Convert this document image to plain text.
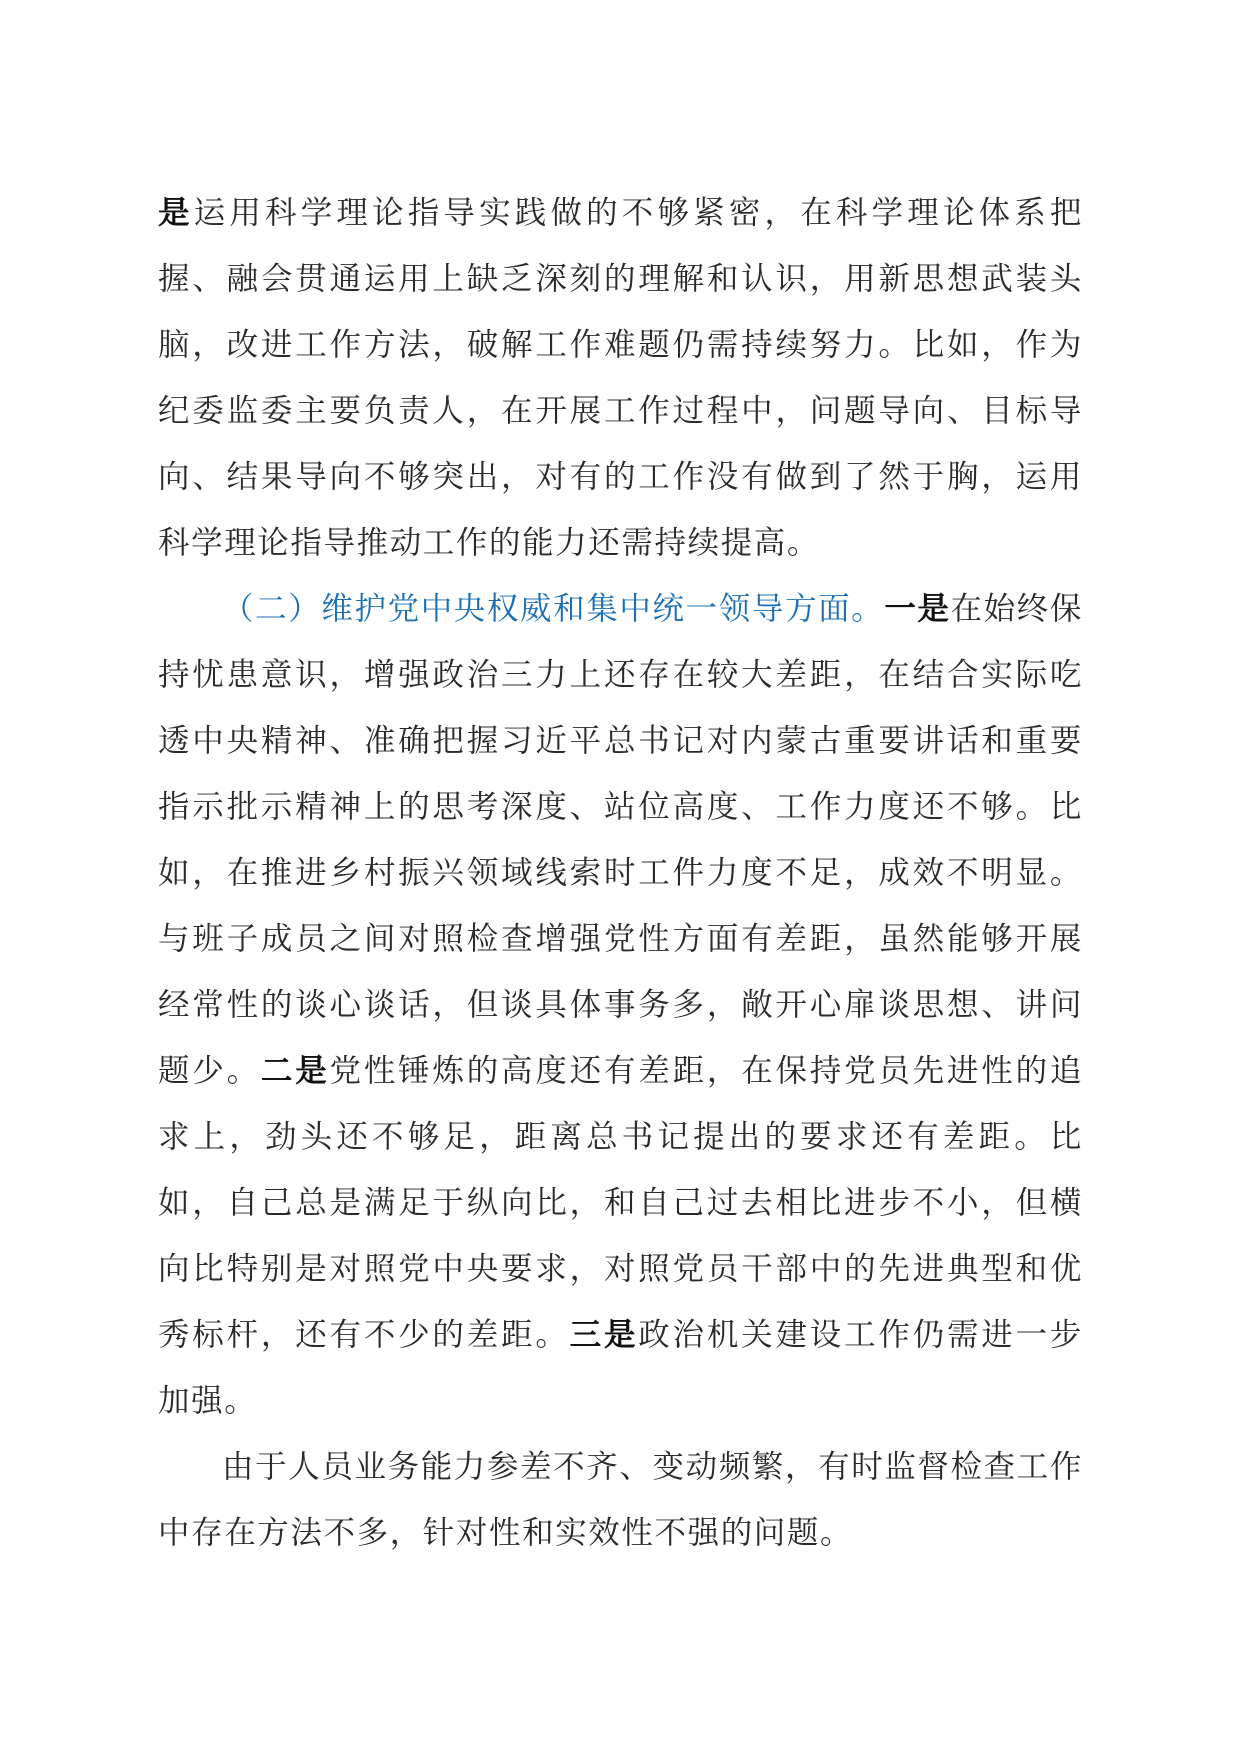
是运用科学理论指导实践做的不够紧密，在科学理论体系把握、融会贯通运用上缺乏深刻的理解和认识，用新思想武装头脑，改进工作方法，破解工作难题仍需持续努力。比如，作为纪委监委主要负责人，在开展工作过程中，问题导向、目标导向、结果导向不够突出，对有的工作没有做到了然于胸，运用科学理论指导推动工作的能力还需持续提高。

（二）维护党中央权威和集中统一领导方面。一是在始终保持忧患意识，增强政治三力上还存在较大差距，在结合实际吃透中央精神、准确把握习近平总书记对内蒙古重要讲话和重要指示批示精神上的思考深度、站位高度、工作力度还不够。比如，在推进乡村振兴领域线索时工件力度不足，成效不明显。与班子成员之间对照检查增强党性方面有差距，虽然能够开展经常性的谈心谈话，但谈具体事务多，敞开心扉谈思想、讲问题少。二是党性锤炼的高度还有差距，在保持党员先进性的追求上，劲头还不够足，距离总书记提出的要求还有差距。比如，自己总是满足于纵向比，和自己过去相比进步不小，但横向比特别是对照党中央要求，对照党员干部中的先进典型和优秀标杆，还有不少的差距。三是政治机关建设工作仍需进一步加强。

由于人员业务能力参差不齐、变动频繁，有时监督检查工作中存在方法不多，针对性和实效性不强的问题。
